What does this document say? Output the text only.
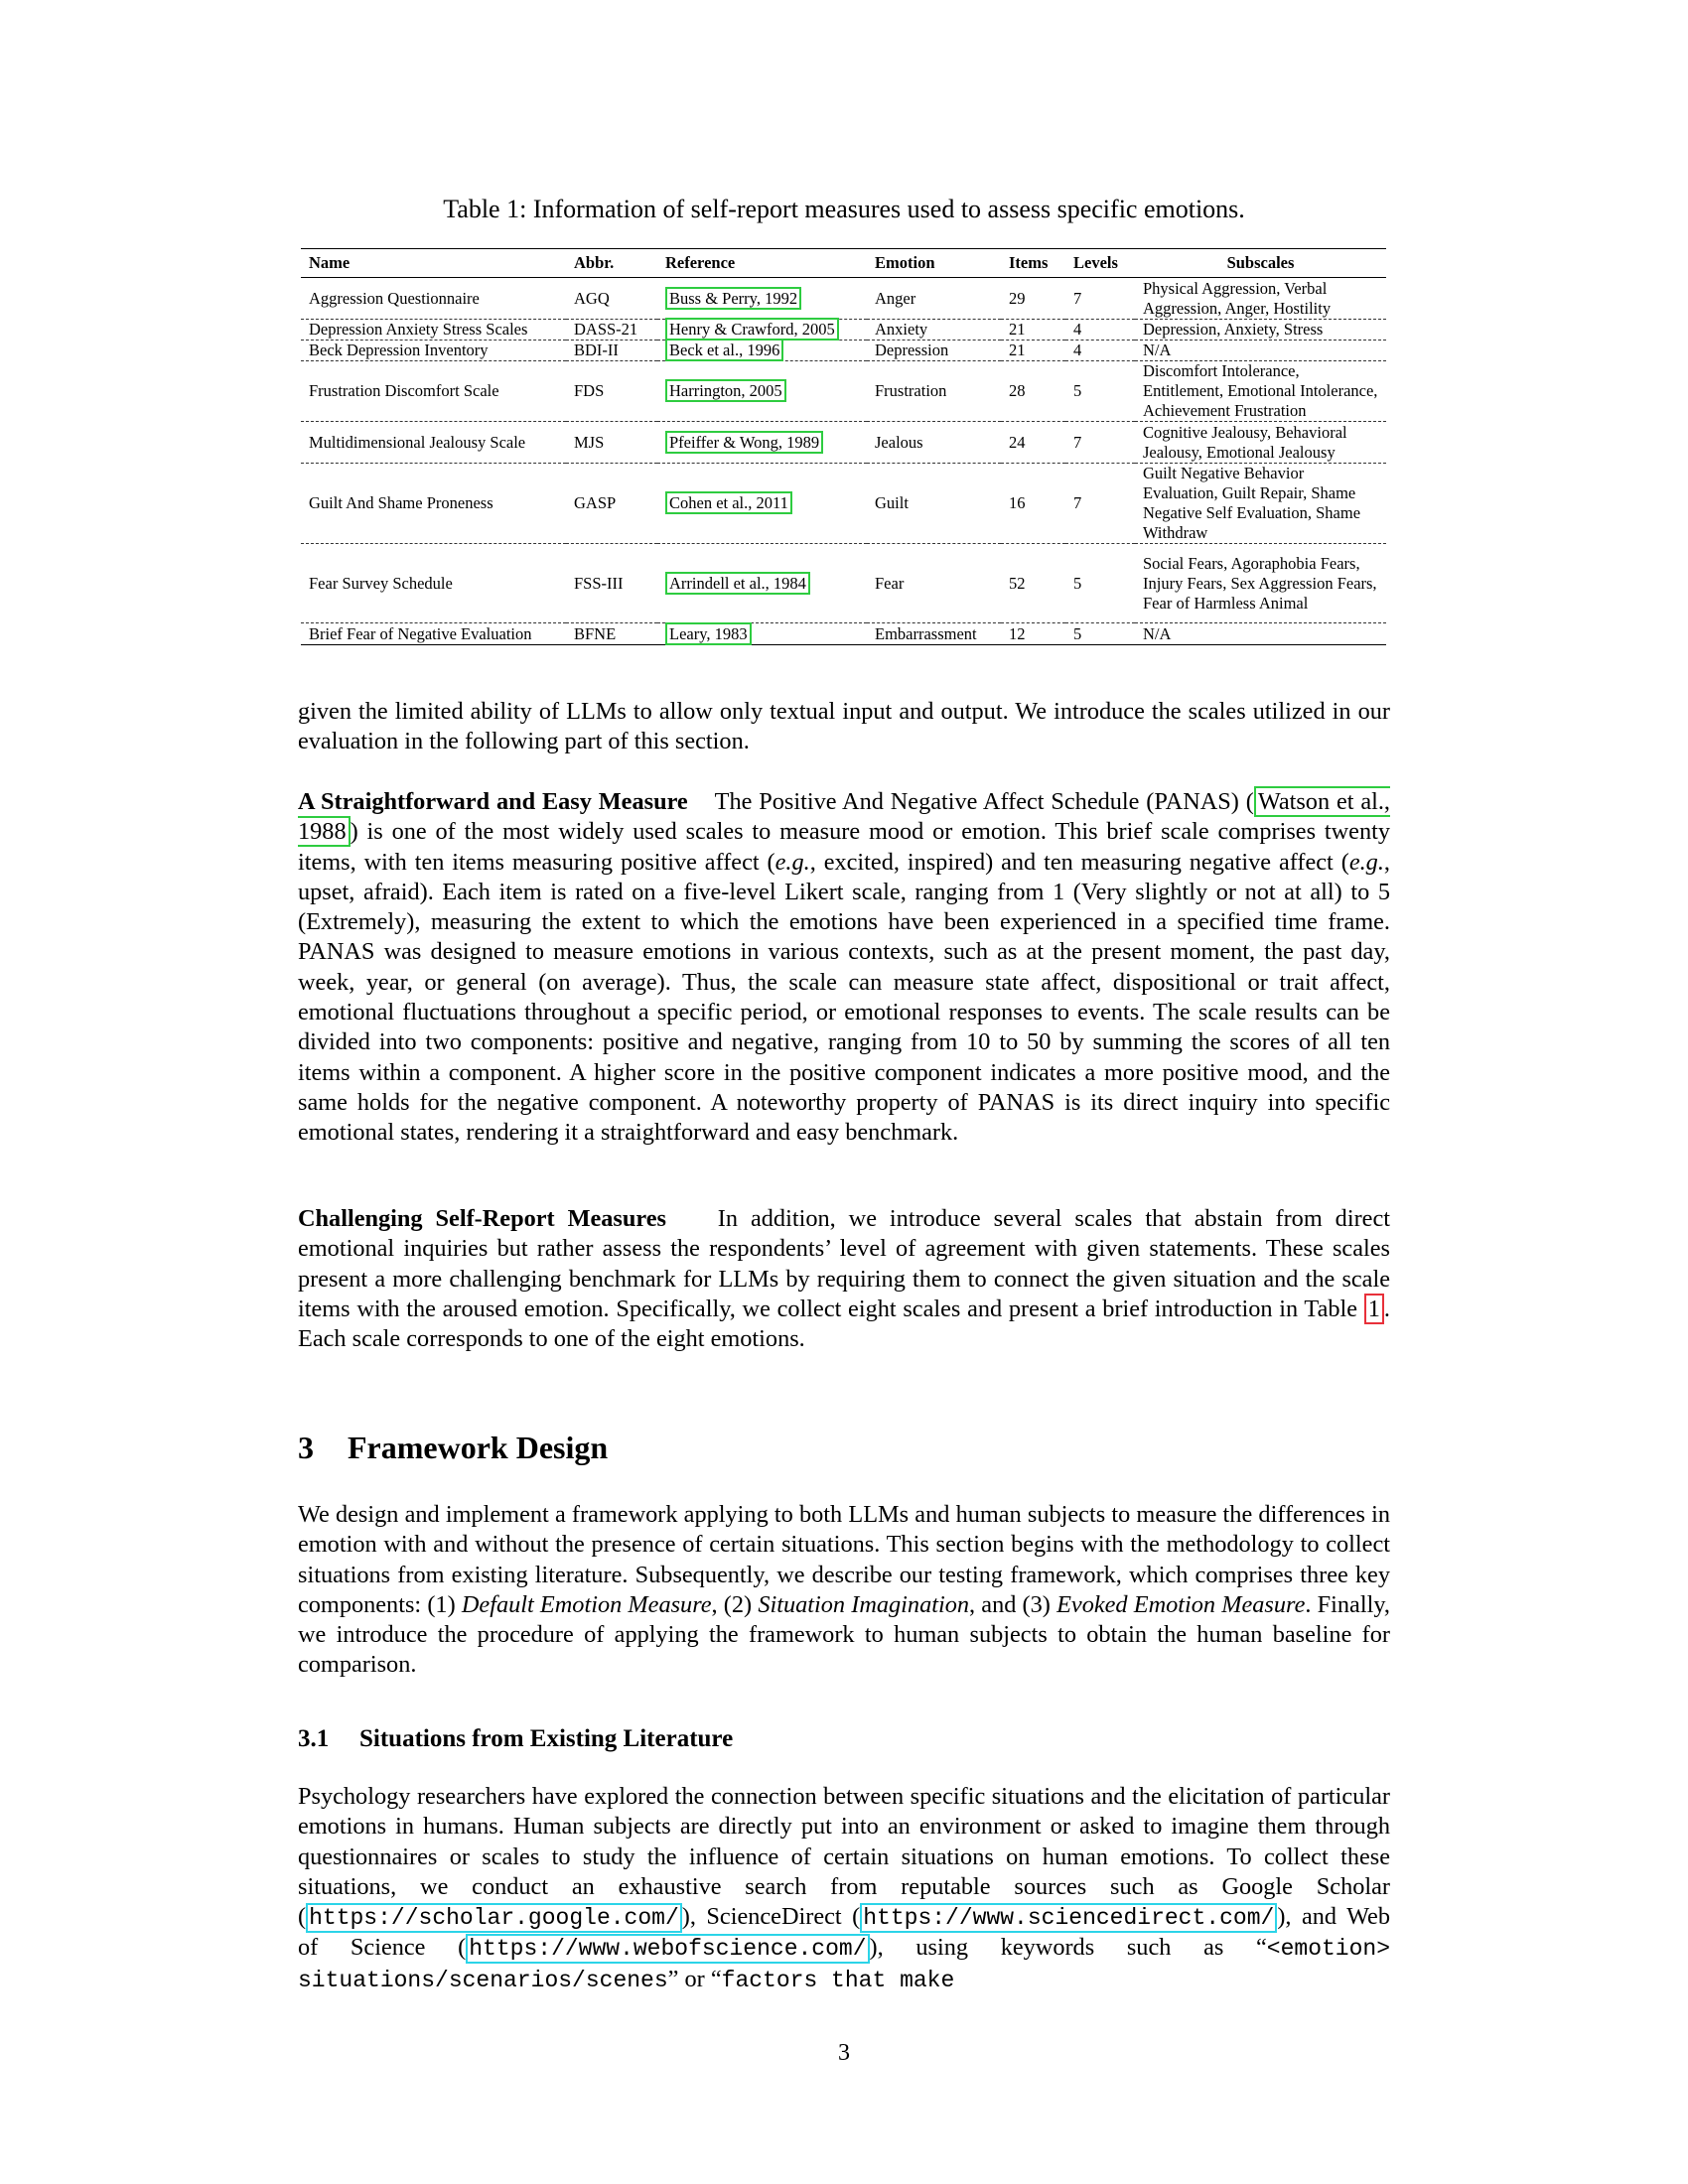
Table 1: Information of self-report measures used to assess specific emotions.
Name	Abbr.	Reference	Emotion	Items	Levels	Subscales
Aggression Questionnaire	AGQ	Buss & Perry, 1992	Anger	29	7	Physical Aggression, Verbal Aggression, Anger, Hostility
Depression Anxiety Stress Scales	DASS-21	Henry & Crawford, 2005	Anxiety	21	4	Depression, Anxiety, Stress
Beck Depression Inventory	BDI-II	Beck et al., 1996	Depression	21	4	N/A
Frustration Discomfort Scale	FDS	Harrington, 2005	Frustration	28	5	Discomfort Intolerance, Entitlement, Emotional Intolerance, Achievement Frustration
Multidimensional Jealousy Scale	MJS	Pfeiffer & Wong, 1989	Jealous	24	7	Cognitive Jealousy, Behavioral Jealousy, Emotional Jealousy
Guilt And Shame Proneness	GASP	Cohen et al., 2011	Guilt	16	7	Guilt Negative Behavior Evaluation, Guilt Repair, Shame Negative Self Evaluation, Shame Withdraw
Fear Survey Schedule	FSS-III	Arrindell et al., 1984	Fear	52	5	Social Fears, Agoraphobia Fears, Injury Fears, Sex Aggression Fears, Fear of Harmless Animal
Brief Fear of Negative Evaluation	BFNE	Leary, 1983	Embarrassment	12	5	N/A

given the limited ability of LLMs to allow only textual input and output. We introduce the scales utilized in our evaluation in the following part of this section.

A Straightforward and Easy Measure The Positive And Negative Affect Schedule (PANAS) ( Watson et al., 1988 ) is one of the most widely used scales to measure mood or emotion. This brief scale comprises twenty items, with ten items measuring positive affect (e.g., excited, inspired) and ten measuring negative affect (e.g., upset, afraid). Each item is rated on a five-level Likert scale, ranging from 1 (Very slightly or not at all) to 5 (Extremely), measuring the extent to which the emotions have been experienced in a specified time frame. PANAS was designed to measure emotions in various contexts, such as at the present moment, the past day, week, year, or general (on average). Thus, the scale can measure state affect, dispositional or trait affect, emotional fluctuations throughout a specific period, or emotional responses to events. The scale results can be divided into two components: positive and negative, ranging from 10 to 50 by summing the scores of all ten items within a component. A higher score in the positive component indicates a more positive mood, and the same holds for the negative component. A noteworthy property of PANAS is its direct inquiry into specific emotional states, rendering it a straightforward and easy benchmark.

Challenging Self-Report Measures In addition, we introduce several scales that abstain from direct emotional inquiries but rather assess the respondents’ level of agreement with given statements. These scales present a more challenging benchmark for LLMs by requiring them to connect the given situation and the scale items with the aroused emotion. Specifically, we collect eight scales and present a brief introduction in Table 1 . Each scale corresponds to one of the eight emotions.

3 Framework Design

We design and implement a framework applying to both LLMs and human subjects to measure the differences in emotion with and without the presence of certain situations. This section begins with the methodology to collect situations from existing literature. Subsequently, we describe our testing framework, which comprises three key components: (1) Default Emotion Measure, (2) Situation Imagination, and (3) Evoked Emotion Measure. Finally, we introduce the procedure of applying the framework to human subjects to obtain the human baseline for comparison.

3.1 Situations from Existing Literature

Psychology researchers have explored the connection between specific situations and the elicitation of particular emotions in humans. Human subjects are directly put into an environment or asked to imagine them through questionnaires or scales to study the influence of certain situations on human emotions. To collect these situations, we conduct an exhaustive search from reputable sources such as Google Scholar ( https://scholar.google.com/ ), ScienceDirect ( https://www.sciencedirect.com/ ), and Web of Science ( https://www.webofscience.com/ ), using keywords such as “<emotion> situations/scenarios/scenes” or “factors that make

3
